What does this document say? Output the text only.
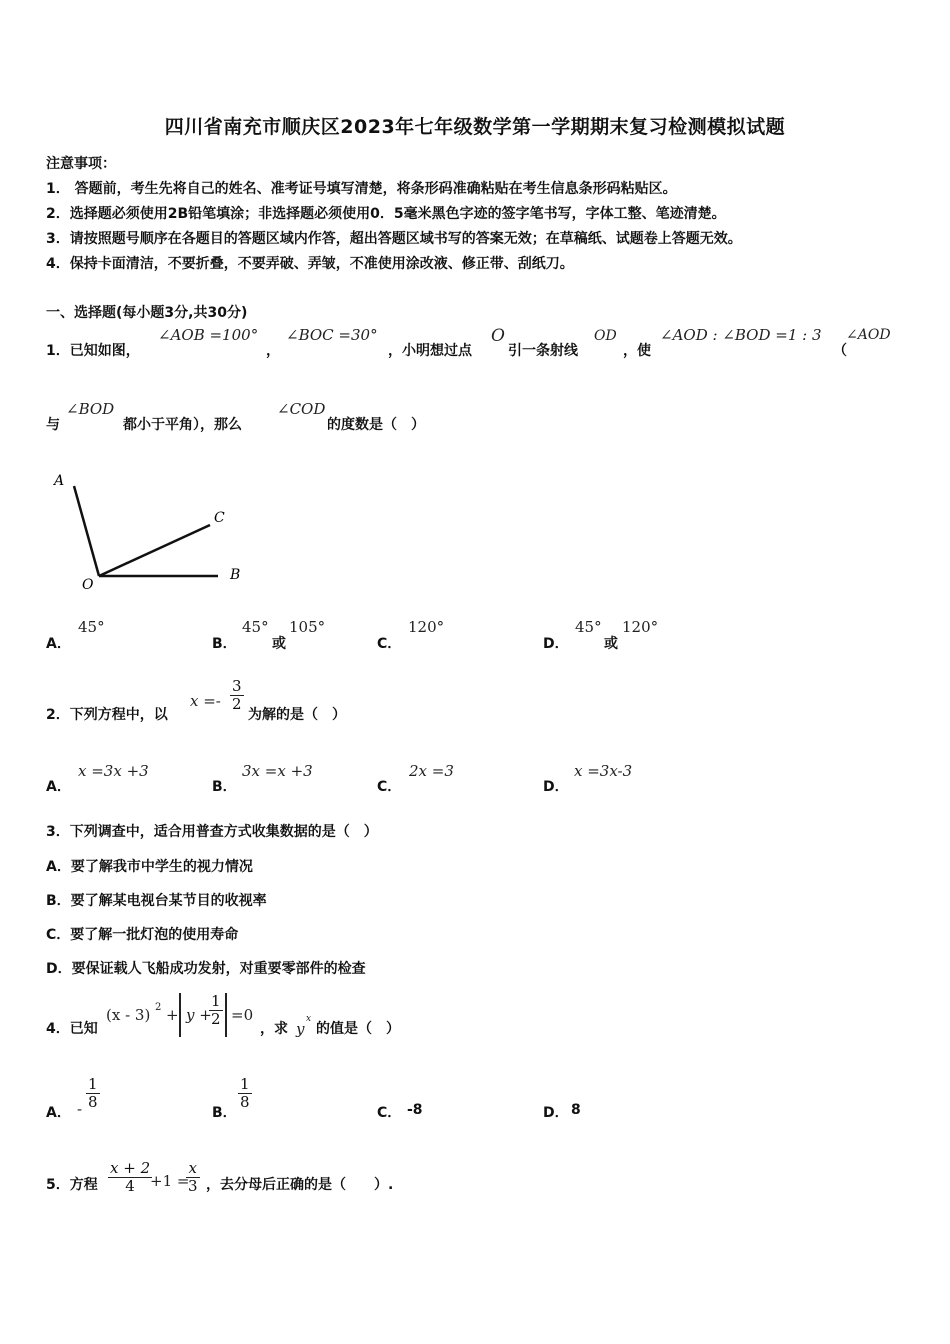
四川省南充市顺庆区2023年七年级数学第一学期期末复习检测模拟试题
注意事项：
1． 答题前，考生先将自己的姓名、准考证号填写清楚，将条形码准确粘贴在考生信息条形码粘贴区。
2．选择题必须使用2B铅笔填涂；非选择题必须使用0．5毫米黑色字迹的签字笔书写，字体工整、笔迹清楚。
3．请按照题号顺序在各题目的答题区域内作答，超出答题区域书写的答案无效；在草稿纸、试题卷上答题无效。
4．保持卡面清洁，不要折叠，不要弄破、弄皱，不准使用涂改液、修正带、刮纸刀。
一、选择题(每小题3分,共30分)
1．已知如图，
∠AOB =100°
，
∠BOC =30°
，小明想过点
O
引一条射线
OD
，使
∠AOD : ∠BOD =1 : 3
（
∠AOD
与
∠BOD
都小于平角），那么
∠COD
的度数是（　）
A
C
O
B
A．
45°
B．
45°
或
105°
C．
120°
D．
45°
或
120°
2．下列方程中，以
$x =- \frac{3}{2}$
为解的是（　）
A．
x =3x +3
B．
3x =x +3
C．
2x =3
D．
x =3x-3
3．下列调查中，适合用普查方式收集数据的是（　）
A．要了解我市中学生的视力情况
B．要了解某电视台某节目的收视率
C．要了解一批灯泡的使用寿命
D．要保证载人飞船成功发射，对重要零部件的检查
4．已知
(x - 3) 2 + y +
$\frac{1}{2} =0$
，求 y
x
的值是（　）
A． - $\frac{1}{8}$
B．
$\frac{1}{8}$
C． -8	D． 8
5．方程 $\frac{x + 2}{4}$
+1 =
$\frac{x}{3}$ ，去分母后正确的是（　　）.
